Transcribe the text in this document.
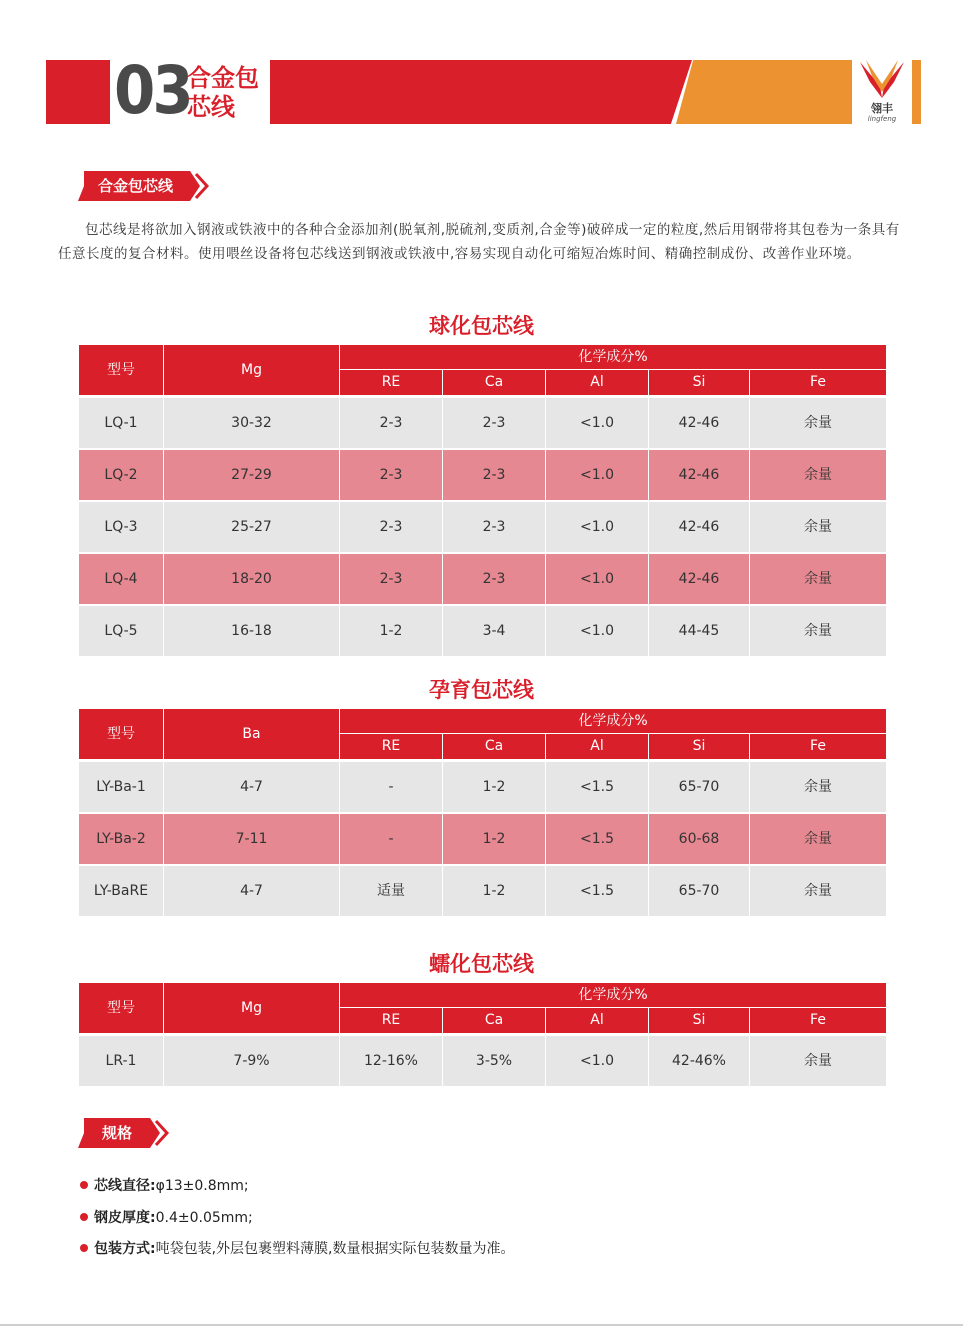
03
合金包芯线	翎丰
lingfeng
合金包芯线

包芯线是将欲加入钢液或铁液中的各种合金添加剂(脱氧剂,脱硫剂,变质剂,合金等)破碎成一定的粒度,然后用钢带将其包卷为一条具有任意长度的复合材料。使用喂丝设备将包芯线送到钢液或铁液中,容易实现自动化可缩短冶炼时间、精确控制成份、改善作业环境。

球化包芯线
型号	Mg
化学成分%
RE	Ca	Al	Si	Fe
LQ-1	30-32	2-3	2-3	<1.0	42-46	余量
LQ-2	27-29	2-3	2-3	<1.0	42-46	余量
LQ-3	25-27	2-3	2-3	<1.0	42-46	余量
LQ-4	18-20	2-3	2-3	<1.0	42-46	余量
LQ-5	16-18	1-2	3-4	<1.0	44-45	余量
孕育包芯线
型号	Ba
化学成分%
RE	Ca	Al	Si	Fe
LY-Ba-1	4-7	-	1-2	<1.5	65-70	余量
LY-Ba-2	7-11	-	1-2	<1.5	60-68	余量
LY-BaRE	4-7	适量	1-2	<1.5	65-70	余量
蠕化包芯线
型号	Mg
化学成分%
RE	Ca	Al	Si	Fe
LR-1	7-9%	12-16%	3-5%	<1.0	42-46%	余量
规格
芯线直径:φ13±0.8mm;
钢皮厚度:0.4±0.05mm;
包装方式:吨袋包装,外层包裹塑料薄膜,数量根据实际包装数量为准。
